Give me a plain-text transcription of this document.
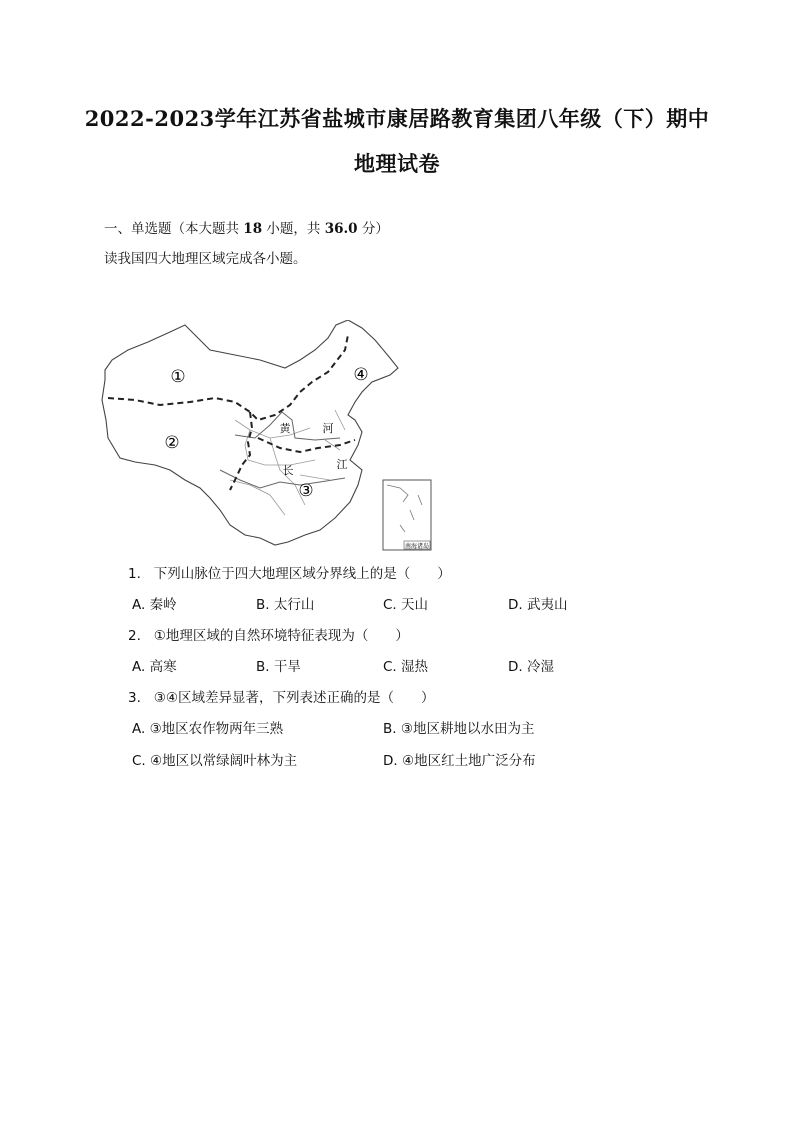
2022-2023学年江苏省盐城市康居路教育集团八年级（下）期中
地理试卷
一、单选题（本大题共 18 小题，共 36.0 分）
读我国四大地理区域完成各小题。
①
②
③
④
黄	河
长	江
南海诸岛
1. 下列山脉位于四大地理区域分界线上的是（　　）
A. 秦岭	B. 太行山	C. 天山	D. 武夷山
2. ①地理区域的自然环境特征表现为（　　）
A. 高寒	B. 干旱	C. 湿热	D. 冷湿
3. ③④区域差异显著，下列表述正确的是（　　）
A. ③地区农作物两年三熟	B. ③地区耕地以水田为主
C. ④地区以常绿阔叶林为主	D. ④地区红土地广泛分布
